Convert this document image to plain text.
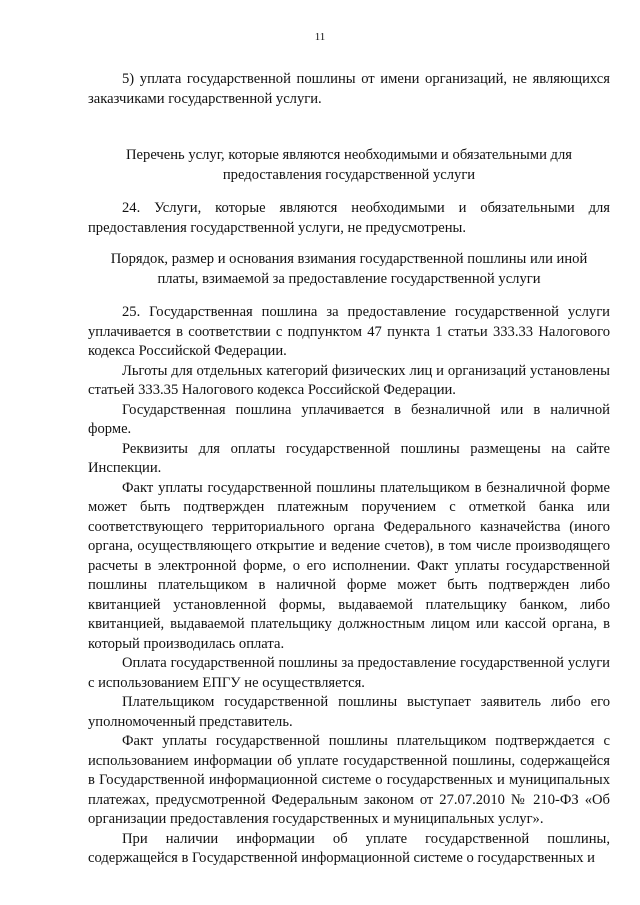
11

5) уплата государственной пошлины от имени организаций, не являющихся заказчиками государственной услуги.

Перечень услуг, которые являются необходимыми и обязательными для предоставления государственной услуги

24. Услуги, которые являются необходимыми и обязательными для предоставления государственной услуги, не предусмотрены.

Порядок, размер и основания взимания государственной пошлины или иной платы, взимаемой за предоставление государственной услуги

25. Государственная пошлина за предоставление государственной услуги уплачивается в соответствии с подпунктом 47 пункта 1 статьи 333.33 Налогового кодекса Российской Федерации.

Льготы для отдельных категорий физических лиц и организаций установлены статьей 333.35 Налогового кодекса Российской Федерации.

Государственная пошлина уплачивается в безналичной или в наличной форме.

Реквизиты для оплаты государственной пошлины размещены на сайте Инспекции.

Факт уплаты государственной пошлины плательщиком в безналичной форме может быть подтвержден платежным поручением с отметкой банка или соответствующего территориального органа Федерального казначейства (иного органа, осуществляющего открытие и ведение счетов), в том числе производящего расчеты в электронной форме, о его исполнении. Факт уплаты государственной пошлины плательщиком в наличной форме может быть подтвержден либо квитанцией установленной формы, выдаваемой плательщику банком, либо квитанцией, выдаваемой плательщику должностным лицом или кассой органа, в который производилась оплата.

Оплата государственной пошлины за предоставление государственной услуги с использованием ЕПГУ не осуществляется.

Плательщиком государственной пошлины выступает заявитель либо его уполномоченный представитель.

Факт уплаты государственной пошлины плательщиком подтверждается с использованием информации об уплате государственной пошлины, содержащейся в Государственной информационной системе о государственных и муниципальных платежах, предусмотренной Федеральным законом от 27.07.2010 № 210-ФЗ «Об организации предоставления государственных и муниципальных услуг».

При наличии информации об уплате государственной пошлины, содержащейся в Государственной информационной системе о государственных и
